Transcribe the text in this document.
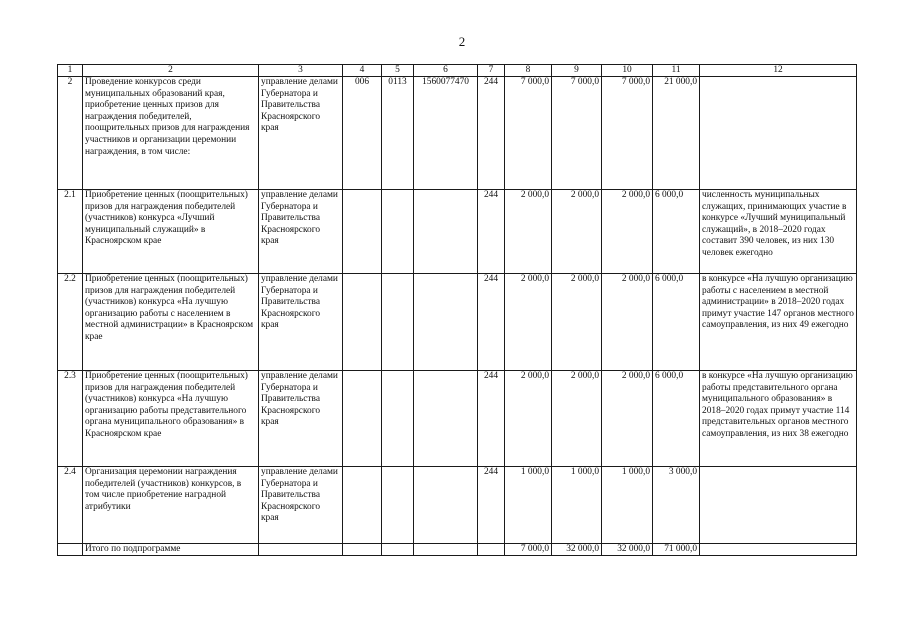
2
1	2	3	4	5	6	7	8	9	10	11	12
2	Проведение конкурсов среди муниципальных образований края, приобретение ценных призов для награждения победителей, поощрительных призов для награждения участников и организации церемонии награждения, в том числе:	управление делами Губернатора и Правительства Красноярского края	006	0113	1560077470	244	7 000,0	7 000,0	7 000,0	21 000,0	
2.1	Приобретение ценных (поощрительных) призов для награждения победителей (участников) конкурса «Лучший муниципальный служащий» в Красноярском крае	управление делами Губернатора и Правительства Красноярского края				244	2 000,0	2 000,0	2 000,0	6 000,0	численность муниципальных служащих, принимающих участие в конкурсе «Лучший муниципальный служащий», в 2018–2020 годах составит 390 человек, из них 130 человек ежегодно
2.2	Приобретение ценных (поощрительных) призов для награждения победителей (участников) конкурса «На лучшую организацию работы с населением в местной администрации» в Красноярском крае	управление делами Губернатора и Правительства Красноярского края				244	2 000,0	2 000,0	2 000,0	6 000,0	в конкурсе «На лучшую организацию работы с населением в местной администрации» в 2018–2020 годах примут участие 147 органов местного самоуправления, из них 49 ежегодно
2.3	Приобретение ценных (поощрительных) призов для награждения победителей (участников) конкурса «На лучшую организацию работы представительного органа муниципального образования» в Красноярском крае	управление делами Губернатора и Правительства Красноярского края				244	2 000,0	2 000,0	2 000,0	6 000,0	в конкурсе «На лучшую организацию работы представительного органа муниципального образования» в 2018–2020 годах примут участие 114 представительных органов местного самоуправления, из них 38 ежегодно
2.4	Организация церемонии награждения победителей (участников) конкурсов, в том числе приобретение наградной атрибутики	управление делами Губернатора и Правительства Красноярского края				244	1 000,0	1 000,0	1 000,0	3 000,0	
	Итого по подпрограмме						7 000,0	32 000,0	32 000,0	71 000,0	
